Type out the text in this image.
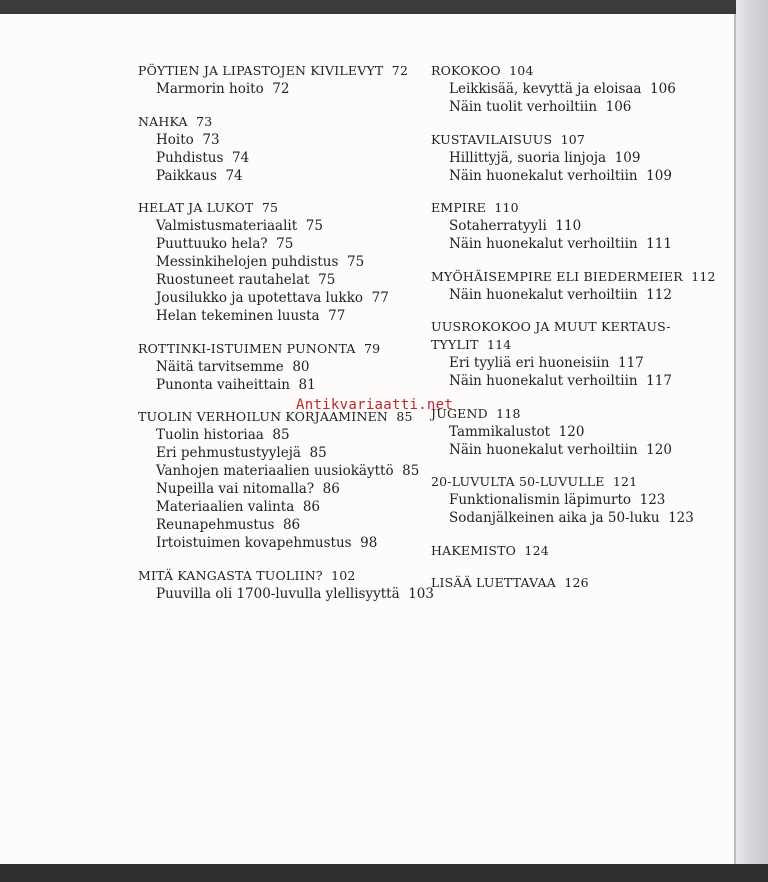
PÖYTIEN JA LIPASTOJEN KIVILEVYT  72
Marmorin hoito  72
NAHKA  73
Hoito  73
Puhdistus  74
Paikkaus  74
HELAT JA LUKOT  75
Valmistusmateriaalit  75
Puuttuuko hela?  75
Messinkihelojen puhdistus  75
Ruostuneet rautahelat  75
Jousilukko ja upotettava lukko  77
Helan tekeminen luusta  77
ROTTINKI-ISTUIMEN PUNONTA  79
Näitä tarvitsemme  80
Punonta vaiheittain  81
TUOLIN VERHOILUN KORJAAMINEN  85
Tuolin historiaa  85
Eri pehmustustyylejä  85
Vanhojen materiaalien uusiokäyttö  85
Nupeilla vai nitomalla?  86
Materiaalien valinta  86
Reunapehmustus  86
Irtoistuimen kovapehmustus  98
MITÄ KANGASTA TUOLIIN?  102
Puuvilla oli 1700-luvulla ylellisyyttä  103
ROKOKOO  104
Leikkisää, kevyttä ja eloisaa  106
Näin tuolit verhoiltiin  106
KUSTAVILAISUUS  107
Hillittyjä, suoria linjoja  109
Näin huonekalut verhoiltiin  109
EMPIRE  110
Sotaherratyyli  110
Näin huonekalut verhoiltiin  111
MYÖHÄISEMPIRE ELI BIEDERMEIER  112
Näin huonekalut verhoiltiin  112
UUSROKOKOO JA MUUT KERTAUS-
TYYLIT  114
Eri tyyliä eri huoneisiin  117
Näin huonekalut verhoiltiin  117
JUGEND  118
Tammikalustot  120
Näin huonekalut verhoiltiin  120
20-LUVULTA 50-LUVULLE  121
Funktionalismin läpimurto  123
Sodanjälkeinen aika ja 50-luku  123
HAKEMISTO  124
LISÄÄ LUETTAVAA  126
Antikvariaatti.net
